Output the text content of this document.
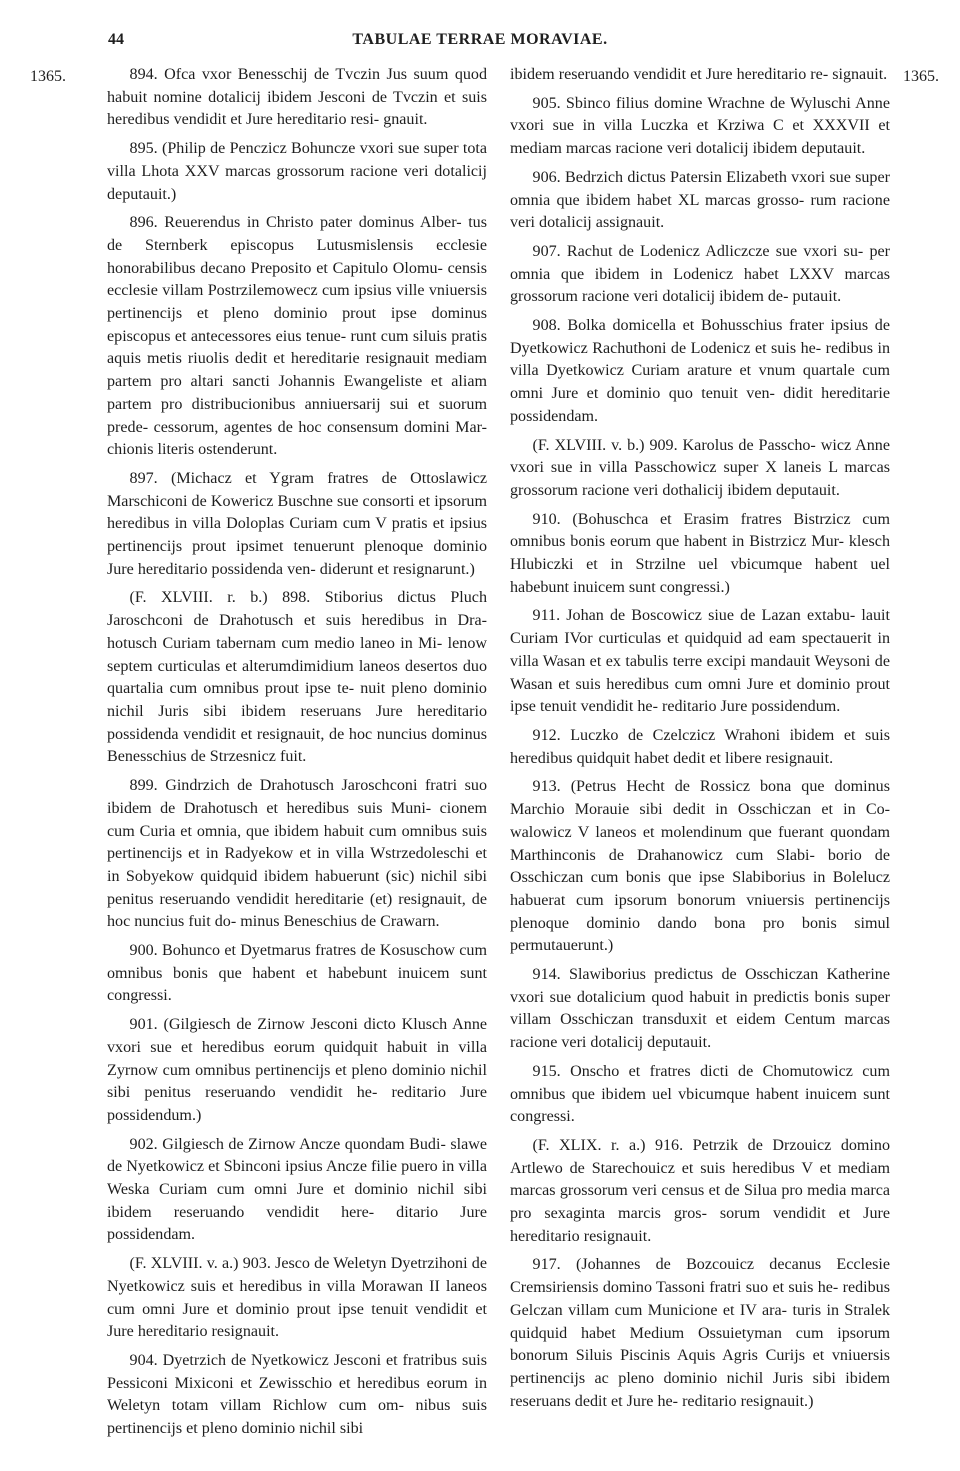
44	TABULAE TERRAE MORAVIAE.
1365.	1365.
894. Ofca vxor Benesschij de Tvczin Jus suum quod habuit nomine dotalicij ibidem Jesconi de Tvczin et suis heredibus vendidit et Jure hereditario resi- gnauit.
895. (Philip de Penczicz Bohuncze vxori sue super tota villa Lhota XXV marcas grossorum racione veri dotalicij deputauit.)
896. Reuerendus in Christo pater dominus Alber- tus de Sternberk episcopus Lutusmislensis ecclesie honorabilibus decano Preposito et Capitulo Olomu- censis ecclesie villam Postrzilemowecz cum ipsius ville vniuersis pertinencijs et pleno dominio prout ipse dominus episcopus et antecessores eius tenue- runt cum siluis pratis aquis metis riuolis dedit et hereditarie resignauit mediam partem pro altari sancti Johannis Ewangeliste et aliam partem pro distribucionibus anniuersarij sui et suorum prede- cessorum, agentes de hoc consensum domini Mar- chionis literis ostenderunt.
897. (Michacz et Ygram fratres de Ottoslawicz Marschiconi de Kowericz Buschne sue consorti et ipsorum heredibus in villa Doloplas Curiam cum V pratis et ipsius pertinencijs prout ipsimet tenuerunt plenoque dominio Jure hereditario possidenda ven- diderunt et resignarunt.)
(F. XLVIII. r. b.) 898. Stiborius dictus Pluch Jaroschconi de Drahotusch et suis heredibus in Dra- hotusch Curiam tabernam cum medio laneo in Mi- lenow septem curticulas et alterumdimidium laneos desertos duo quartalia cum omnibus prout ipse te- nuit pleno dominio nichil Juris sibi ibidem reseruans Jure hereditario possidenda vendidit et resignauit, de hoc nuncius dominus Benesschius de Strzesnicz fuit.
899. Gindrzich de Drahotusch Jaroschconi fratri suo ibidem de Drahotusch et heredibus suis Muni- cionem cum Curia et omnia, que ibidem habuit cum omnibus suis pertinencijs et in Radyekow et in villa Wstrzedoleschi et in Sobyekow quidquid ibidem habuerunt (sic) nichil sibi penitus reseruando vendidit hereditarie (et) resignauit, de hoc nuncius fuit do- minus Beneschius de Crawarn.
900. Bohunco et Dyetmarus fratres de Kosuschow cum omnibus bonis que habent et habebunt inuicem sunt congressi.
901. (Gilgiesch de Zirnow Jesconi dicto Klusch Anne vxori sue et heredibus eorum quidquit habuit in villa Zyrnow cum omnibus pertinencijs et pleno dominio nichil sibi penitus reseruando vendidit he- reditario Jure possidendum.)
902. Gilgiesch de Zirnow Ancze quondam Budi- slawe de Nyetkowicz et Sbinconi ipsius Ancze filie puero in villa Weska Curiam cum omni Jure et dominio nichil sibi ibidem reseruando vendidit here- ditario Jure possidendam.
(F. XLVIII. v. a.) 903. Jesco de Weletyn Dyetrzihoni de Nyetkowicz suis et heredibus in villa Morawan II laneos cum omni Jure et dominio prout ipse tenuit vendidit et Jure hereditario resignauit.
904. Dyetrzich de Nyetkowicz Jesconi et fratribus suis Pessiconi Mixiconi et Zewisschio et heredibus eorum in Weletyn totam villam Richlow cum om- nibus suis pertinencijs et pleno dominio nichil sibi
ibidem reseruando vendidit et Jure hereditario re- signauit.
905. Sbinco filius domine Wrachne de Wyluschi Anne vxori sue in villa Luczka et Krziwa C et XXXVII et mediam marcas racione veri dotalicij ibidem deputauit.
906. Bedrzich dictus Patersin Elizabeth vxori sue super omnia que ibidem habet XL marcas grosso- rum racione veri dotalicij assignauit.
907. Rachut de Lodenicz Adliczcze sue vxori su- per omnia que ibidem in Lodenicz habet LXXV marcas grossorum racione veri dotalicij ibidem de- putauit.
908. Bolka domicella et Bohusschius frater ipsius de Dyetkowicz Rachuthoni de Lodenicz et suis he- redibus in villa Dyetkowicz Curiam arature et vnum quartale cum omni Jure et dominio quo tenuit ven- didit hereditarie possidendam.
(F. XLVIII. v. b.) 909. Karolus de Passcho- wicz Anne vxori sue in villa Passchowicz super X laneis L marcas grossorum racione veri dothalicij ibidem deputauit.
910. (Bohuschca et Erasim fratres Bistrzicz cum omnibus bonis eorum que habent in Bistrzicz Mur- klesch Hlubiczki et in Strzilne uel vbicumque habent uel habebunt inuicem sunt congressi.)
911. Johan de Boscowicz siue de Lazan extabu- lauit Curiam IVor curticulas et quidquid ad eam spectauerit in villa Wasan et ex tabulis terre excipi mandauit Weysoni de Wasan et suis heredibus cum omni Jure et dominio prout ipse tenuit vendidit he- reditario Jure possidendum.
912. Luczko de Czelczicz Wrahoni ibidem et suis heredibus quidquit habet dedit et libere resignauit.
913. (Petrus Hecht de Rossicz bona que dominus Marchio Morauie sibi dedit in Osschiczan et in Co- walowicz V laneos et molendinum que fuerant quondam Marthinconis de Drahanowicz cum Slabi- borio de Osschiczan cum bonis que ipse Slabiborius in Bolelucz habuerat cum ipsorum bonorum vniuersis pertinencijs plenoque dominio dando bona pro bonis simul permutauerunt.)
914. Slawiborius predictus de Osschiczan Katherine vxori sue dotalicium quod habuit in predictis bonis super villam Osschiczan transduxit et eidem Centum marcas racione veri dotalicij deputauit.
915. Onscho et fratres dicti de Chomutowicz cum omnibus que ibidem uel vbicumque habent inuicem sunt congressi.
(F. XLIX. r. a.) 916. Petrzik de Drzouicz domino Artlewo de Starechouicz et suis heredibus V et mediam marcas grossorum veri census et de Silua pro media marca pro sexaginta marcis gros- sorum vendidit et Jure hereditario resignauit.
917. (Johannes de Bozcouicz decanus Ecclesie Cremsiriensis domino Tassoni fratri suo et suis he- redibus Gelczan villam cum Municione et IV ara- turis in Stralek quidquid habet Medium Ossuietyman cum ipsorum bonorum Siluis Piscinis Aquis Agris Curijs et vniuersis pertinencijs ac pleno dominio nichil Juris sibi ibidem reseruans dedit et Jure he- reditario resignauit.)
